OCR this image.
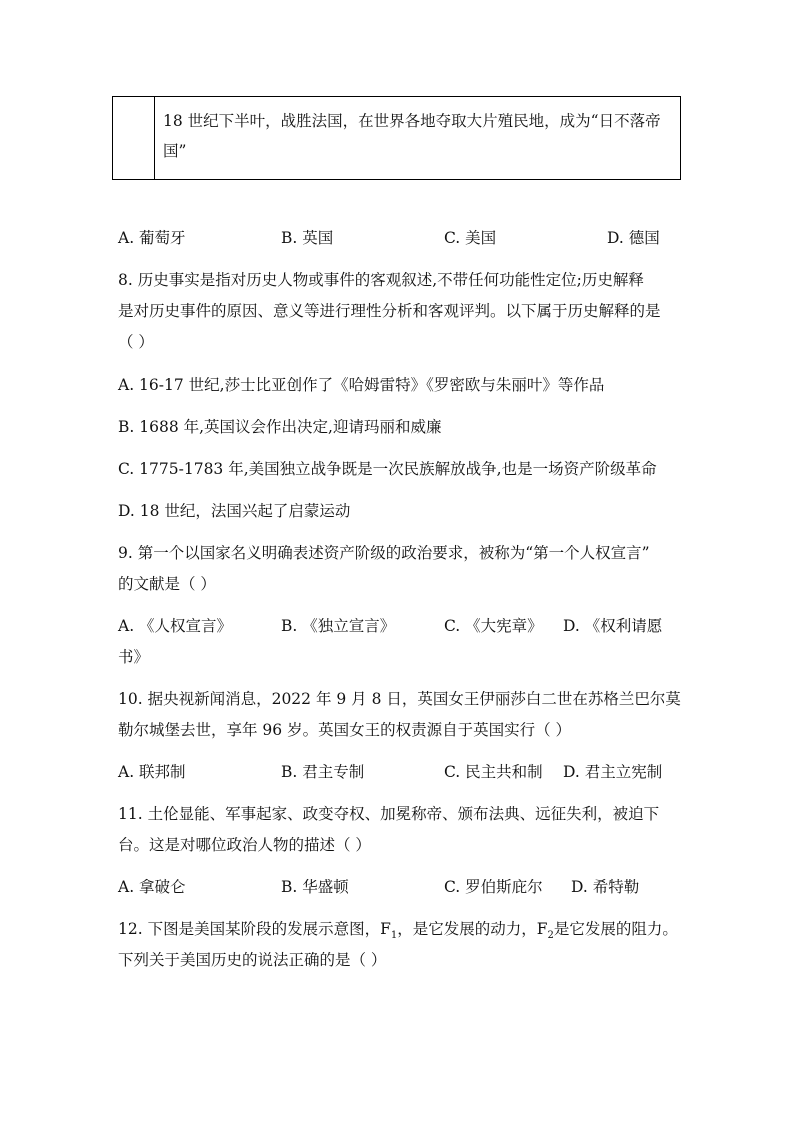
18 世纪下半叶，战胜法国，在世界各地夺取大片殖民地，成为“日不落帝
国”
A. 葡萄牙	B. 英国	C. 美国	D. 德国
8. 历史事实是指对历史人物或事件的客观叙述,不带任何功能性定位;历史解释
是对历史事件的原因、意义等进行理性分析和客观评判。以下属于历史解释的是
（ ）
A. 16-17 世纪,莎士比亚创作了《哈姆雷特》《罗密欧与朱丽叶》等作品
B. 1688 年,英国议会作出决定,迎请玛丽和威廉
C. 1775-1783 年,美国独立战争既是一次民族解放战争,也是一场资产阶级革命
D. 18 世纪，法国兴起了启蒙运动
9. 第一个以国家名义明确表述资产阶级的政治要求，被称为“第一个人权宣言”
的文献是（ ）
A. 《人权宣言》	B. 《独立宣言》	C. 《大宪章》 D. 《权利请愿
书》
10. 据央视新闻消息，2022 年 9 月 8 日，英国女王伊丽莎白二世在苏格兰巴尔莫
勒尔城堡去世，享年 96 岁。英国女王的权责源自于英国实行（ ）
A. 联邦制	B. 君主专制	C. 民主共和制 D. 君主立宪制
11. 土伦显能、军事起家、政变夺权、加冕称帝、颁布法典、远征失利，被迫下
台。这是对哪位政治人物的描述（ ）
A. 拿破仑	B. 华盛顿	C. 罗伯斯庇尔 D. 希特勒
12. 下图是美国某阶段的发展示意图，$F_1$，是它发展的动力，$F_2$是它发展的阻力。
下列关于美国历史的说法正确的是（ ）
